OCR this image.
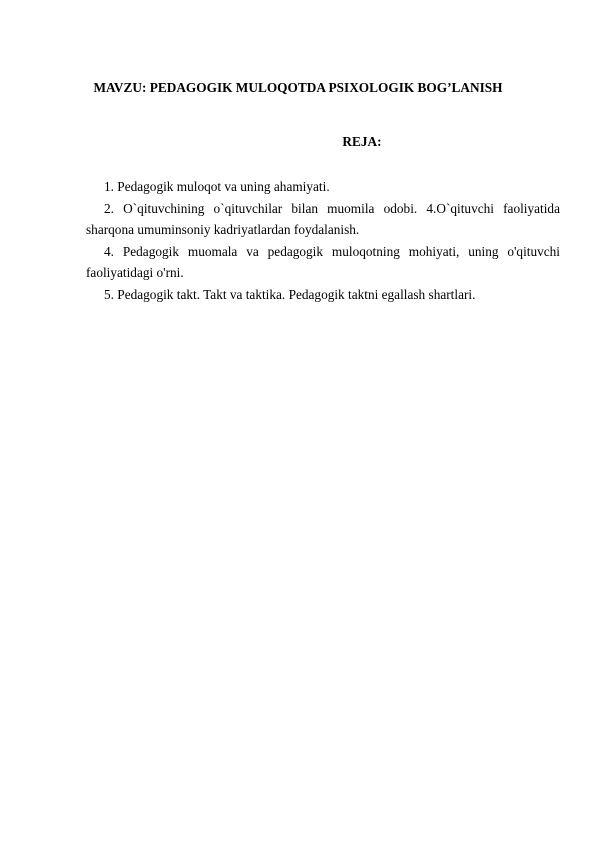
MAVZU: PEDAGOGIK MULOQOTDA PSIXOLOGIK BOG’LANISH
REJA:

1. Pedagogik muloqot va uning ahamiyati.

2. O`qituvchining o`qituvchilar bilan muomila odobi. 4.O`qituvchi faoliyatida sharqona umuminsoniy kadriyatlardan foydalanish.

4. Pedagogik muomala va pedagogik muloqotning mohiyati, uning o'qituvchi faoliyatidagi o'rni.

5. Pedagogik takt. Takt va taktika. Pedagogik taktni egallash shartlari.
